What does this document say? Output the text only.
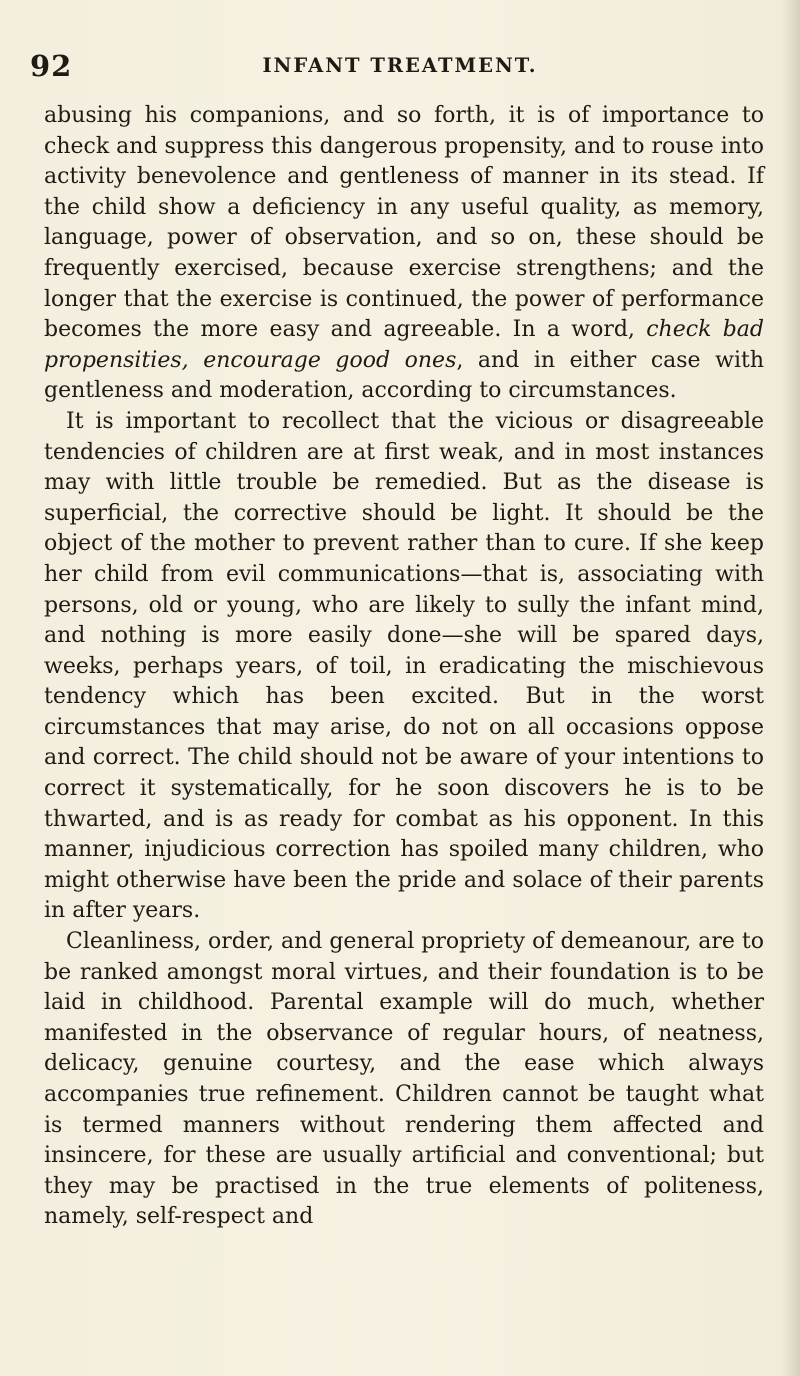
92	INFANT TREATMENT.

abusing his companions, and so forth, it is of importance to check and suppress this dangerous propensity, and to rouse into activity benevolence and gentleness of manner in its stead. If the child show a deficiency in any useful quality, as memory, language, power of observation, and so on, these should be frequently exercised, because exercise strengthens; and the longer that the exercise is continued, the power of performance becomes the more easy and agreeable. In a word, check bad propensities, encourage good ones, and in either case with gentleness and moderation, according to circumstances.

It is important to recollect that the vicious or disagreeable tendencies of children are at first weak, and in most instances may with little trouble be remedied. But as the disease is superficial, the corrective should be light. It should be the object of the mother to prevent rather than to cure. If she keep her child from evil communications—that is, associating with persons, old or young, who are likely to sully the infant mind, and nothing is more easily done—she will be spared days, weeks, perhaps years, of toil, in eradicating the mischievous tendency which has been excited. But in the worst circumstances that may arise, do not on all occasions oppose and correct. The child should not be aware of your intentions to correct it systematically, for he soon discovers he is to be thwarted, and is as ready for combat as his opponent. In this manner, injudicious correction has spoiled many children, who might otherwise have been the pride and solace of their parents in after years.

Cleanliness, order, and general propriety of demeanour, are to be ranked amongst moral virtues, and their foundation is to be laid in childhood. Parental example will do much, whether manifested in the observance of regular hours, of neatness, delicacy, genuine courtesy, and the ease which always accompanies true refinement. Children cannot be taught what is termed manners without rendering them affected and insincere, for these are usually artificial and conventional; but they may be practised in the true elements of politeness, namely, self-respect and
